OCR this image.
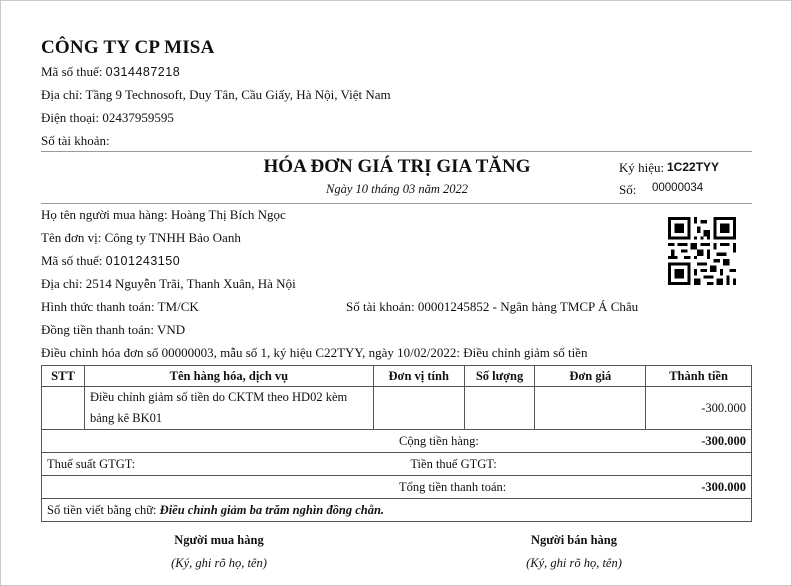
CÔNG TY CP MISA
Mã số thuế: 0314487218
Địa chỉ: Tầng 9 Technosoft, Duy Tân, Cầu Giấy, Hà Nội, Việt Nam
Điện thoại: 02437959595
Số tài khoản:
HÓA ĐƠN GIÁ TRỊ GIA TĂNG
Ngày 10 tháng 03 năm 2022
Ký hiệu: 1C22TYY
Số: 00000034
Họ tên người mua hàng: Hoàng Thị Bích Ngọc
Tên đơn vị: Công ty TNHH Bảo Oanh
Mã số thuế: 0101243150
Địa chỉ: 2514 Nguyễn Trãi, Thanh Xuân, Hà Nội
Hình thức thanh toán: TM/CK	Số tài khoản: 00001245852 - Ngân hàng TMCP Á Châu
Đồng tiền thanh toán: VND
Điều chỉnh hóa đơn số 00000003, mẫu số 1, ký hiệu C22TYY, ngày 10/02/2022: Điều chỉnh giảm số tiền
STT	Tên hàng hóa, dịch vụ	Đơn vị tính	Số lượng	Đơn giá	Thành tiền
	Điều chỉnh giảm số tiền do CKTM theo HD02 kèm
bảng kê BK01				-300.000
Cộng tiền hàng:					-300.000
Thuế suất GTGT:		Tiền thuế GTGT:			
Tổng tiền thanh toán:					-300.000
Số tiền viết bằng chữ: Điều chỉnh giảm ba trăm nghìn đồng chẵn.					
Người mua hàng
(Ký, ghi rõ họ, tên)
Người bán hàng
(Ký, ghi rõ họ, tên)
